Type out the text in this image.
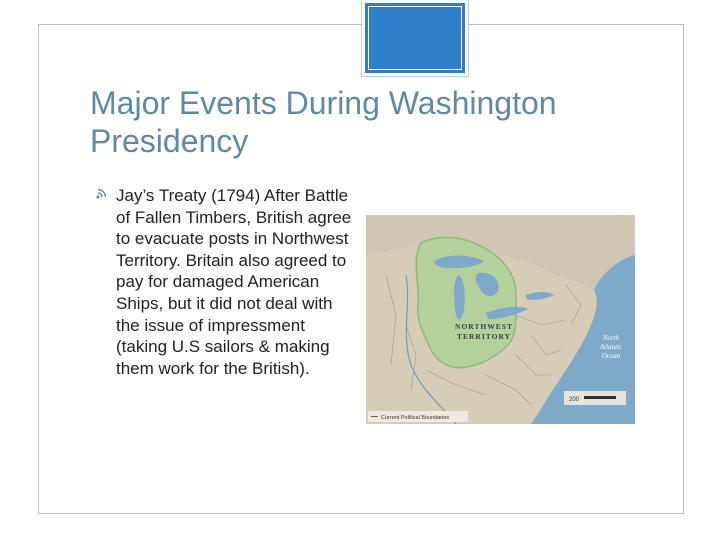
Major Events During Washington Presidency

Jay’s Treaty (1794) After Battle of Fallen Timbers, British agree to evacuate posts in Northwest Territory. Britain also agreed to pay for damaged American Ships, but it did not deal with the issue of impressment (taking U.S sailors & making them work for the British).

NORTHWEST
TERRITORY	North
Atlantic
Ocean
200
Current Political Boundaries
